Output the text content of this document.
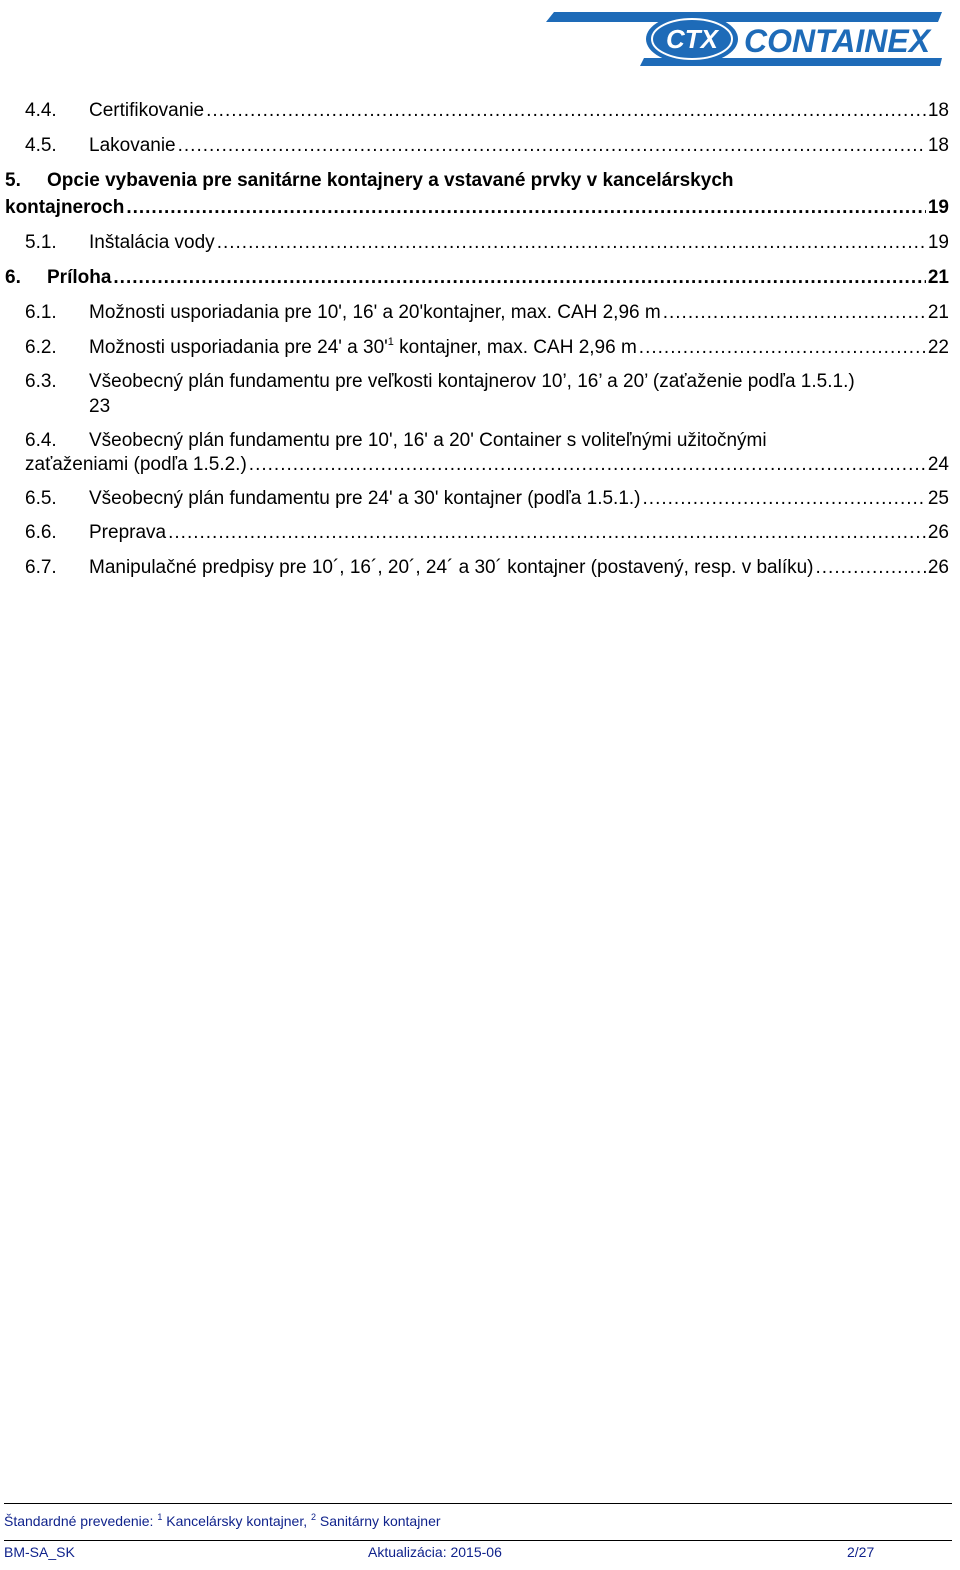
CTX CONTAINEX
4.4. Certifikovanie .....	18
4.5. Lakovanie .....	18
5. Opcie vybavenia pre sanitárne kontajnery a vstavané prvky v kancelárskych
kontajneroch .....	19
5.1. Inštalácia vody .....	19
6. Príloha .....	21
6.1. Možnosti usporiadania pre 10', 16' a 20'kontajner, max. CAH 2,96 m .....	21
6.2. Možnosti usporiadania pre 24' a $30'^1$ kontajner, max. CAH 2,96 m .....	22
6.3. Všeobecný plán fundamentu pre veľkosti kontajnerov 10’, 16’ a 20’ (zaťaženie podľa 1.5.1.)
23
6.4. Všeobecný plán fundamentu pre 10', 16' a 20' Container s voliteľnými užitočnými
zaťaženiami (podľa 1.5.2.) .....	24
6.5. Všeobecný plán fundamentu pre 24' a 30' kontajner (podľa 1.5.1.) .....	25
6.6. Preprava .....	26
6.7. Manipulačné predpisy pre 10´, 16´, 20´, 24´ a 30´ kontajner (postavený, resp. v balíku) .....	26
Štandardné prevedenie: $^1$ Kancelársky kontajner, $^2$ Sanitárny kontajner
BM-SA_SK	Aktualizácia: 2015-06	2/27
